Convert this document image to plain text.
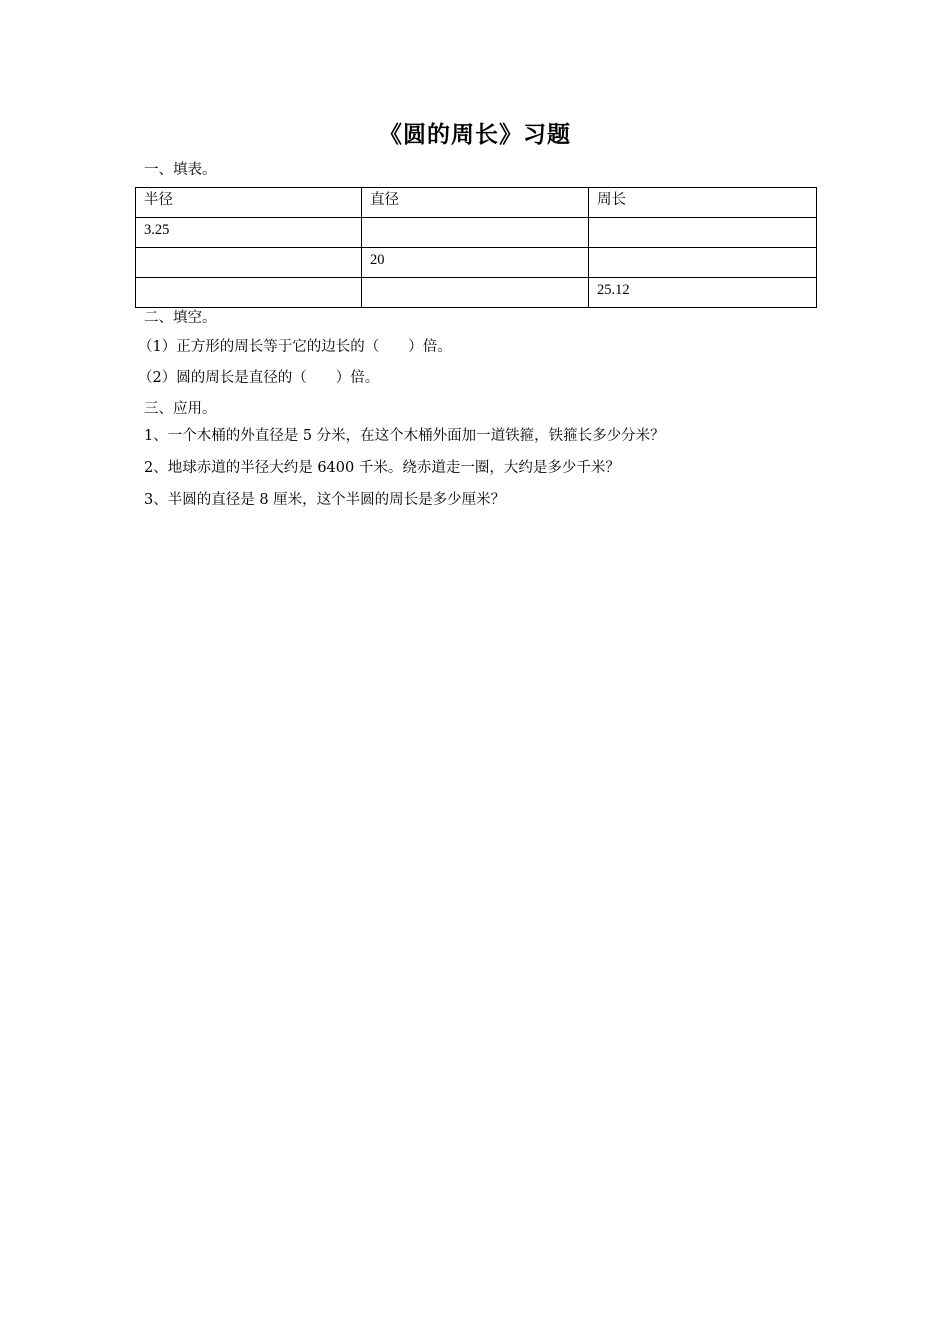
《圆的周长》习题
一、填表。
半径	直径	周长
3.25		
	20	
		25.12
二、填空。
（1）正方形的周长等于它的边长的（　　）倍。
（2）圆的周长是直径的（　　）倍。
三、应用。
1、一个木桶的外直径是 5 分米，在这个木桶外面加一道铁箍，铁箍长多少分米？
2、地球赤道的半径大约是 6400 千米。绕赤道走一圈，大约是多少千米？
3、半圆的直径是 8 厘米，这个半圆的周长是多少厘米？
